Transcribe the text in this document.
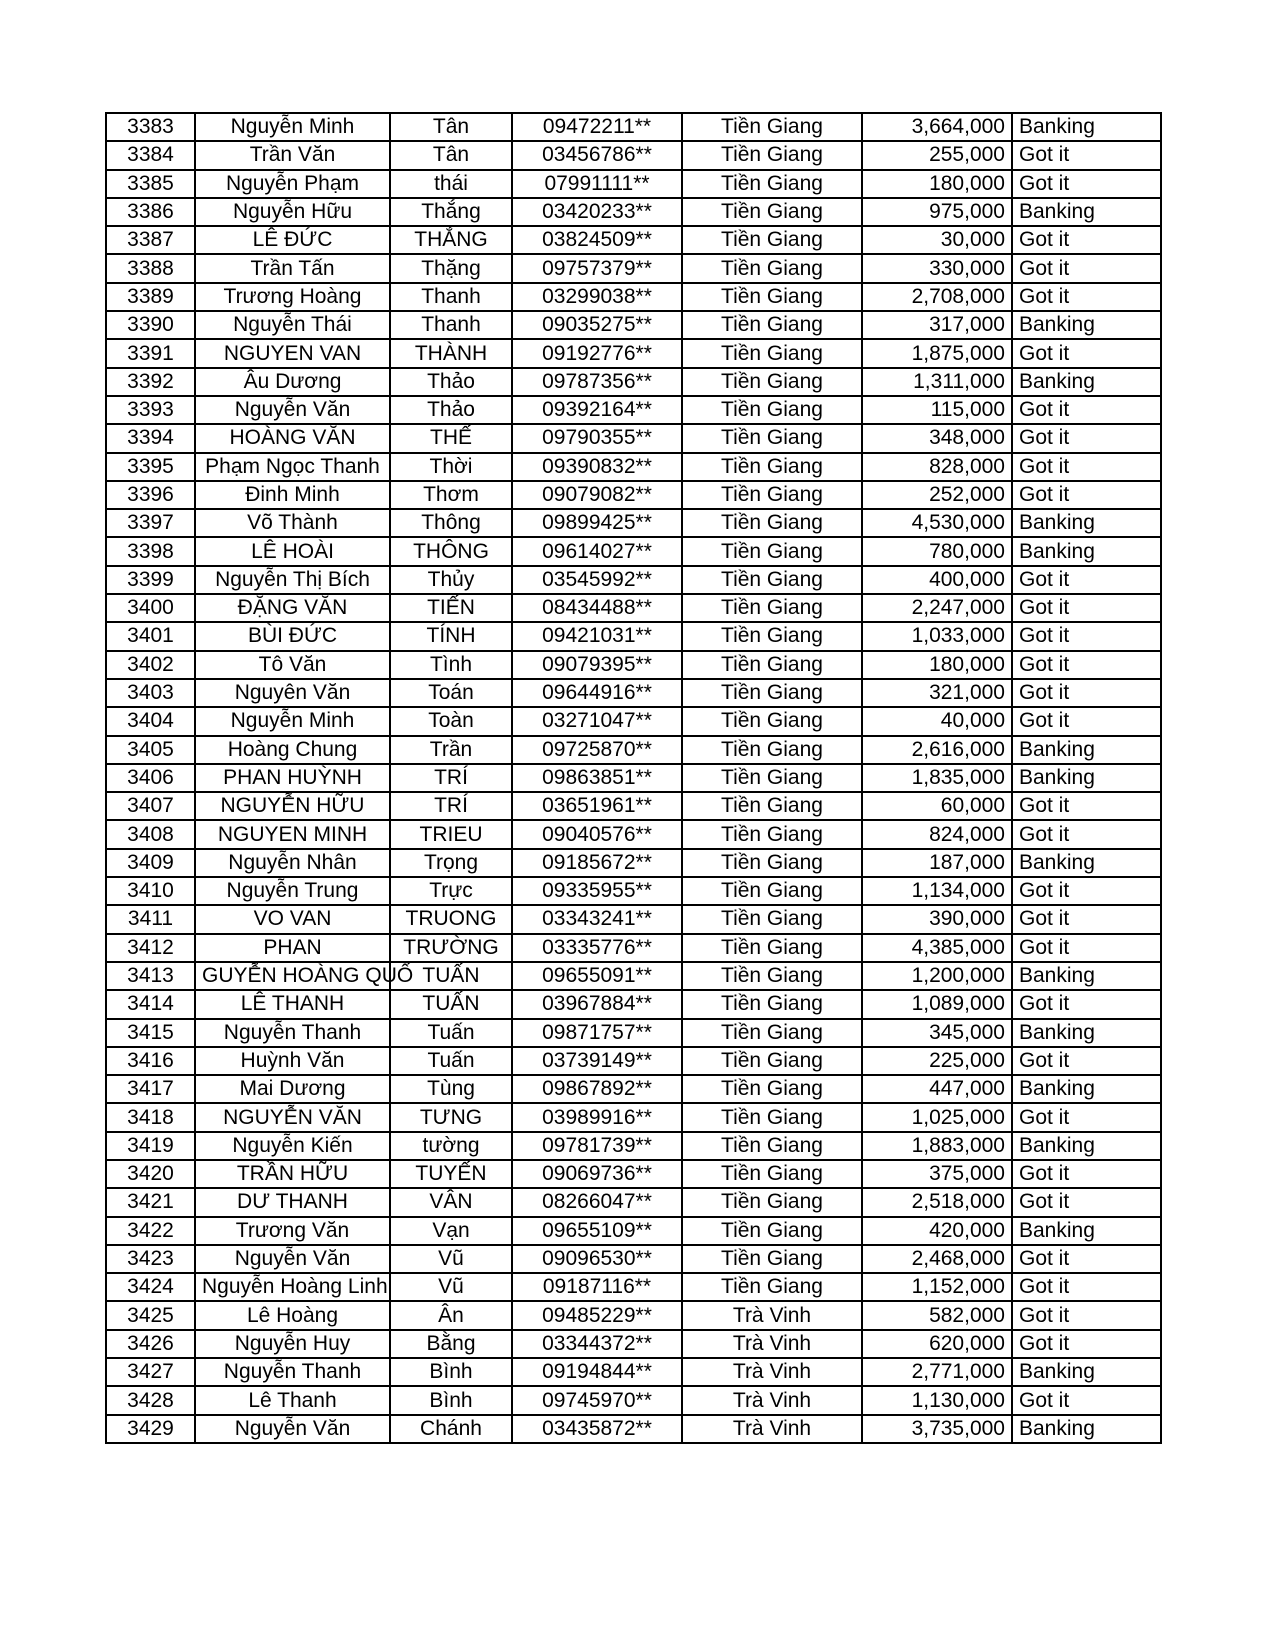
3383	Nguyễn Minh	Tân	09472211**	Tiền Giang	3,664,000	Banking
3384	Trần Văn	Tân	03456786**	Tiền Giang	255,000	Got it
3385	Nguyễn Phạm	thái	07991111**	Tiền Giang	180,000	Got it
3386	Nguyễn Hữu	Thắng	03420233**	Tiền Giang	975,000	Banking
3387	LÊ ĐỨC	THẮNG	03824509**	Tiền Giang	30,000	Got it
3388	Trần Tấn	Thặng	09757379**	Tiền Giang	330,000	Got it
3389	Trương Hoàng	Thanh	03299038**	Tiền Giang	2,708,000	Got it
3390	Nguyễn Thái	Thanh	09035275**	Tiền Giang	317,000	Banking
3391	NGUYEN VAN	THÀNH	09192776**	Tiền Giang	1,875,000	Got it
3392	Âu Dương	Thảo	09787356**	Tiền Giang	1,311,000	Banking
3393	Nguyễn Văn	Thảo	09392164**	Tiền Giang	115,000	Got it
3394	HOÀNG VĂN	THẾ	09790355**	Tiền Giang	348,000	Got it
3395	Phạm Ngọc Thanh	Thời	09390832**	Tiền Giang	828,000	Got it
3396	Đinh Minh	Thơm	09079082**	Tiền Giang	252,000	Got it
3397	Võ Thành	Thông	09899425**	Tiền Giang	4,530,000	Banking
3398	LÊ HOÀI	THÔNG	09614027**	Tiền Giang	780,000	Banking
3399	Nguyễn Thị Bích	Thủy	03545992**	Tiền Giang	400,000	Got it
3400	ĐẶNG VĂN	TIẾN	08434488**	Tiền Giang	2,247,000	Got it
3401	BÙI ĐỨC	TÍNH	09421031**	Tiền Giang	1,033,000	Got it
3402	Tô Văn	Tình	09079395**	Tiền Giang	180,000	Got it
3403	Nguyên Văn	Toán	09644916**	Tiền Giang	321,000	Got it
3404	Nguyễn Minh	Toàn	03271047**	Tiền Giang	40,000	Got it
3405	Hoàng Chung	Trần	09725870**	Tiền Giang	2,616,000	Banking
3406	PHAN HUỲNH	TRÍ	09863851**	Tiền Giang	1,835,000	Banking
3407	NGUYỄN HỮU	TRÍ	03651961**	Tiền Giang	60,000	Got it
3408	NGUYEN MINH	TRIEU	09040576**	Tiền Giang	824,000	Got it
3409	Nguyễn Nhân	Trọng	09185672**	Tiền Giang	187,000	Banking
3410	Nguyễn Trung	Trực	09335955**	Tiền Giang	1,134,000	Got it
3411	VO VAN	TRUONG	03343241**	Tiền Giang	390,000	Got it
3412	PHAN	TRƯỜNG	03335776**	Tiền Giang	4,385,000	Got it
3413	GUYỄN HOÀNG QUỐ	TUẤN	09655091**	Tiền Giang	1,200,000	Banking
3414	LÊ THANH	TUẤN	03967884**	Tiền Giang	1,089,000	Got it
3415	Nguyễn Thanh	Tuấn	09871757**	Tiền Giang	345,000	Banking
3416	Huỳnh Văn	Tuấn	03739149**	Tiền Giang	225,000	Got it
3417	Mai Dương	Tùng	09867892**	Tiền Giang	447,000	Banking
3418	NGUYỄN VĂN	TƯNG	03989916**	Tiền Giang	1,025,000	Got it
3419	Nguyễn Kiến	tường	09781739**	Tiền Giang	1,883,000	Banking
3420	TRẦN HỮU	TUYẾN	09069736**	Tiền Giang	375,000	Got it
3421	DƯ THANH	VÂN	08266047**	Tiền Giang	2,518,000	Got it
3422	Trương Văn	Vạn	09655109**	Tiền Giang	420,000	Banking
3423	Nguyễn Văn	Vũ	09096530**	Tiền Giang	2,468,000	Got it
3424	Nguyễn Hoàng Linh	Vũ	09187116**	Tiền Giang	1,152,000	Got it
3425	Lê Hoàng	Ân	09485229**	Trà Vinh	582,000	Got it
3426	Nguyễn Huy	Bằng	03344372**	Trà Vinh	620,000	Got it
3427	Nguyễn Thanh	Bình	09194844**	Trà Vinh	2,771,000	Banking
3428	Lê Thanh	Bình	09745970**	Trà Vinh	1,130,000	Got it
3429	Nguyễn Văn	Chánh	03435872**	Trà Vinh	3,735,000	Banking
